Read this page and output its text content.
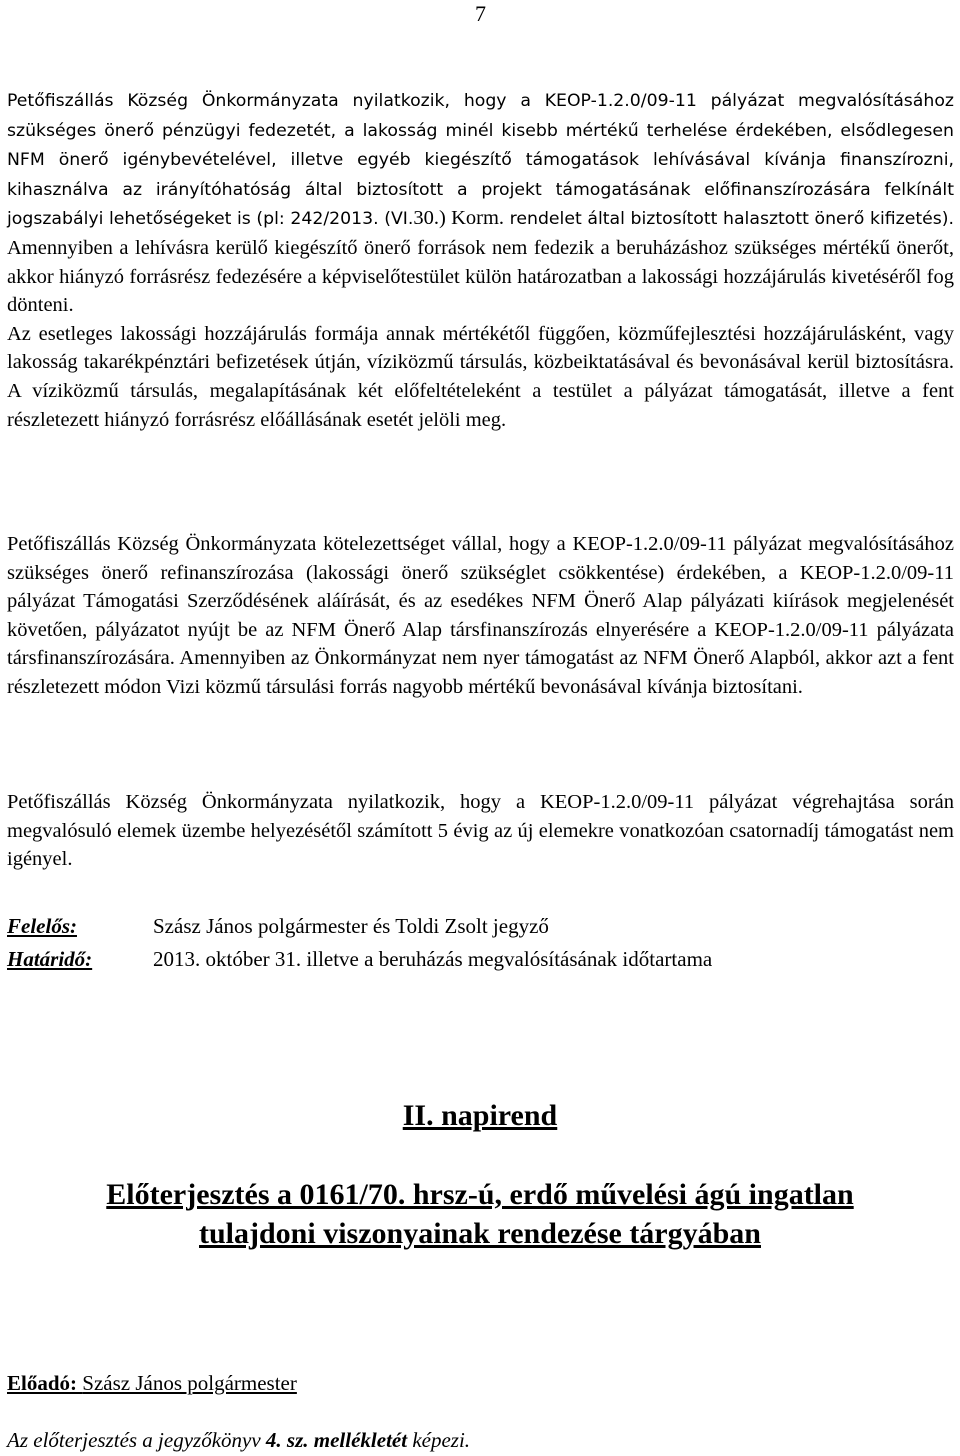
7

Petőfiszállás Község Önkormányzata nyilatkozik, hogy a KEOP-1.2.0/09-11 pályázat megvalósításához szükséges önerő pénzügyi fedezetét, a lakosság minél kisebb mértékű terhelése érdekében, elsődlegesen NFM önerő igénybevételével, illetve egyéb kiegészítő támogatások lehívásával kívánja finanszírozni, kihasználva az irányítóhatóság által biztosított a projekt támogatásának előfinanszírozására felkínált jogszabályi lehetőségeket is (pl: 242/2013. (VI.30.) Korm. rendelet által biztosított halasztott önerő kifizetés). Amennyiben a lehívásra kerülő kiegészítő önerő források nem fedezik a beruházáshoz szükséges mértékű önerőt, akkor hiányzó forrásrész fedezésére a képviselőtestület külön határozatban a lakossági hozzájárulás kivetéséről fog dönteni.
Az esetleges lakossági hozzájárulás formája annak mértékétől függően, közműfejlesztési hozzájárulásként, vagy lakosság takarékpénztári befizetések útján, víziközmű társulás, közbeiktatásával és bevonásával kerül biztosításra. A víziközmű társulás, megalapításának két előfeltételeként a testület a pályázat támogatását, illetve a fent részletezett hiányzó forrásrész előállásának esetét jelöli meg.

Petőfiszállás Község Önkormányzata kötelezettséget vállal, hogy a KEOP-1.2.0/09-11 pályázat megvalósításához szükséges önerő refinanszírozása (lakossági önerő szükséglet csökkentése) érdekében, a KEOP-1.2.0/09-11 pályázat Támogatási Szerződésének aláírását, és az esedékes NFM Önerő Alap pályázati kiírások megjelenését követően, pályázatot nyújt be az NFM Önerő Alap társfinanszírozás elnyerésére a KEOP-1.2.0/09-11 pályázata társfinanszírozására. Amennyiben az Önkormányzat nem nyer támogatást az NFM Önerő Alapból, akkor azt a fent részletezett módon Vizi közmű társulási forrás nagyobb mértékű bevonásával kívánja biztosítani.

Petőfiszállás Község Önkormányzata nyilatkozik, hogy a KEOP-1.2.0/09-11 pályázat végrehajtása során megvalósuló elemek üzembe helyezésétől számított 5 évig az új elemekre vonatkozóan csatornadíj támogatást nem igényel.

Felelős:	Szász János polgármester és Toldi Zsolt jegyző
Határidő:	2013. október 31. illetve a beruházás megvalósításának időtartama
II. napirend
Előterjesztés a 0161/70. hrsz-ú, erdő művelési ágú ingatlan tulajdoni viszonyainak rendezése tárgyában
Előadó: Szász János polgármester
Az előterjesztés a jegyzőkönyv 4. sz. mellékletét képezi.
